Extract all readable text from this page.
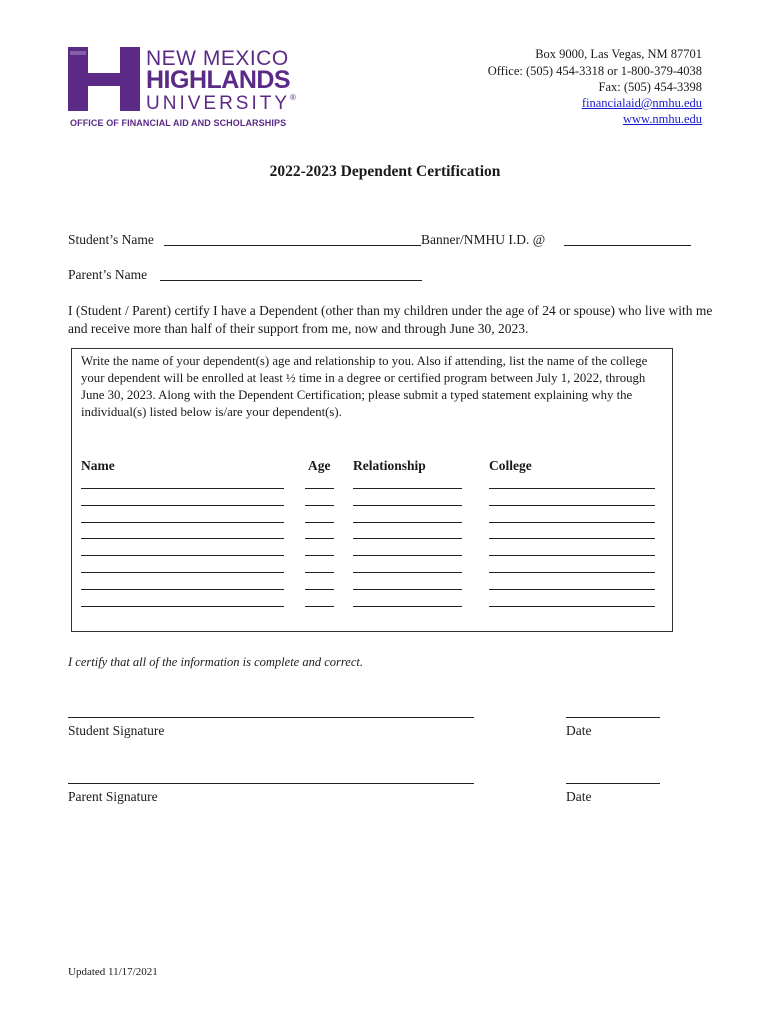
NEW MEXICO
HIGHLANDS
UNIVERSITY®
OFFICE OF FINANCIAL AID AND SCHOLARSHIPS
Box 9000, Las Vegas, NM 87701
Office: (505) 454-3318 or 1-800-379-4038
Fax: (505) 454-3398
financialaid@nmhu.edu
www.nmhu.edu
2022-2023 Dependent Certification
Student’s Name	Banner/NMHU I.D. @
Parent’s Name
I (Student / Parent) certify I have a Dependent (other than my children under the age of 24 or spouse) who live with me and receive more than half of their support from me, now and through June 30, 2023.
Write the name of your dependent(s) age and relationship to you. Also if attending, list the name of the college your dependent will be enrolled at least ½ time in a degree or certified program between July 1, 2022, through June 30, 2023. Along with the Dependent Certification; please submit a typed statement explaining why the individual(s) listed below is/are your dependent(s).
Name	Age Relationship	College
I certify that all of the information is complete and correct.
Student Signature	Date
Parent Signature	Date
Updated 11/17/2021
